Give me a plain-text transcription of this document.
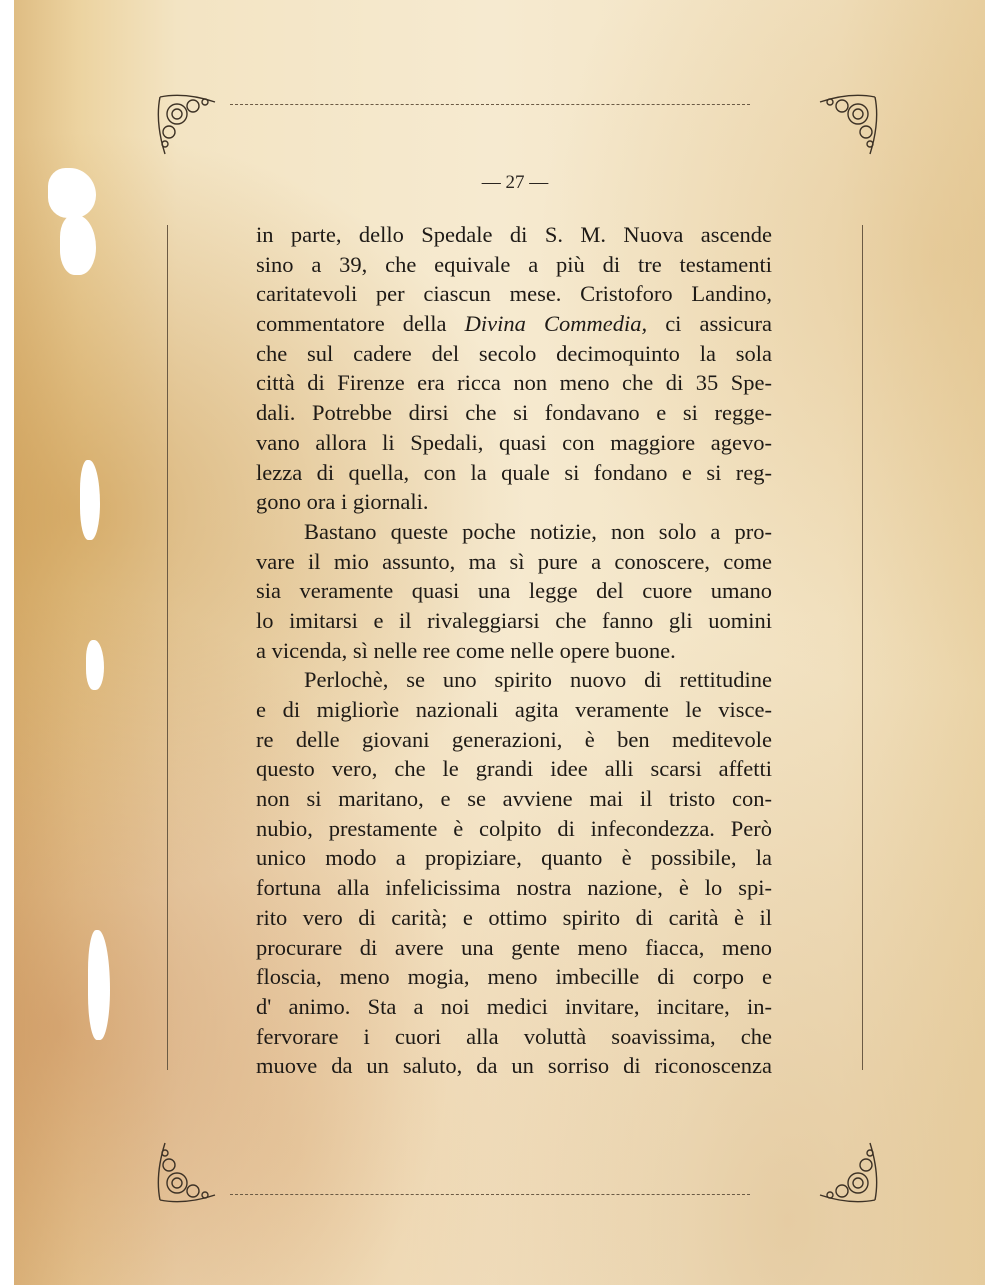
— 27 —
in parte, dello Spedale di S. M. Nuova ascende
sino a 39, che equivale a più di tre testamenti
caritatevoli per ciascun mese. Cristoforo Landino,
commentatore della Divina Commedia, ci assicura
che sul cadere del secolo decimoquinto la sola
città di Firenze era ricca non meno che di 35 Spe-
dali. Potrebbe dirsi che si fondavano e si regge-
vano allora li Spedali, quasi con maggiore agevo-
lezza di quella, con la quale si fondano e si reg-
gono ora i giornali.
Bastano queste poche notizie, non solo a pro-
vare il mio assunto, ma sì pure a conoscere, come
sia veramente quasi una legge del cuore umano
lo imitarsi e il rivaleggiarsi che fanno gli uomini
a vicenda, sì nelle ree come nelle opere buone.
Perlochè, se uno spirito nuovo di rettitudine
e di migliorìe nazionali agita veramente le visce-
re delle giovani generazioni, è ben meditevole
questo vero, che le grandi idee alli scarsi affetti
non si maritano, e se avviene mai il tristo con-
nubio, prestamente è colpito di infecondezza. Però
unico modo a propiziare, quanto è possibile, la
fortuna alla infelicissima nostra nazione, è lo spi-
rito vero di carità; e ottimo spirito di carità è il
procurare di avere una gente meno fiacca, meno
floscia, meno mogia, meno imbecille di corpo e
d' animo. Sta a noi medici invitare, incitare, in-
fervorare i cuori alla voluttà soavissima, che
muove da un saluto, da un sorriso di riconoscenza
